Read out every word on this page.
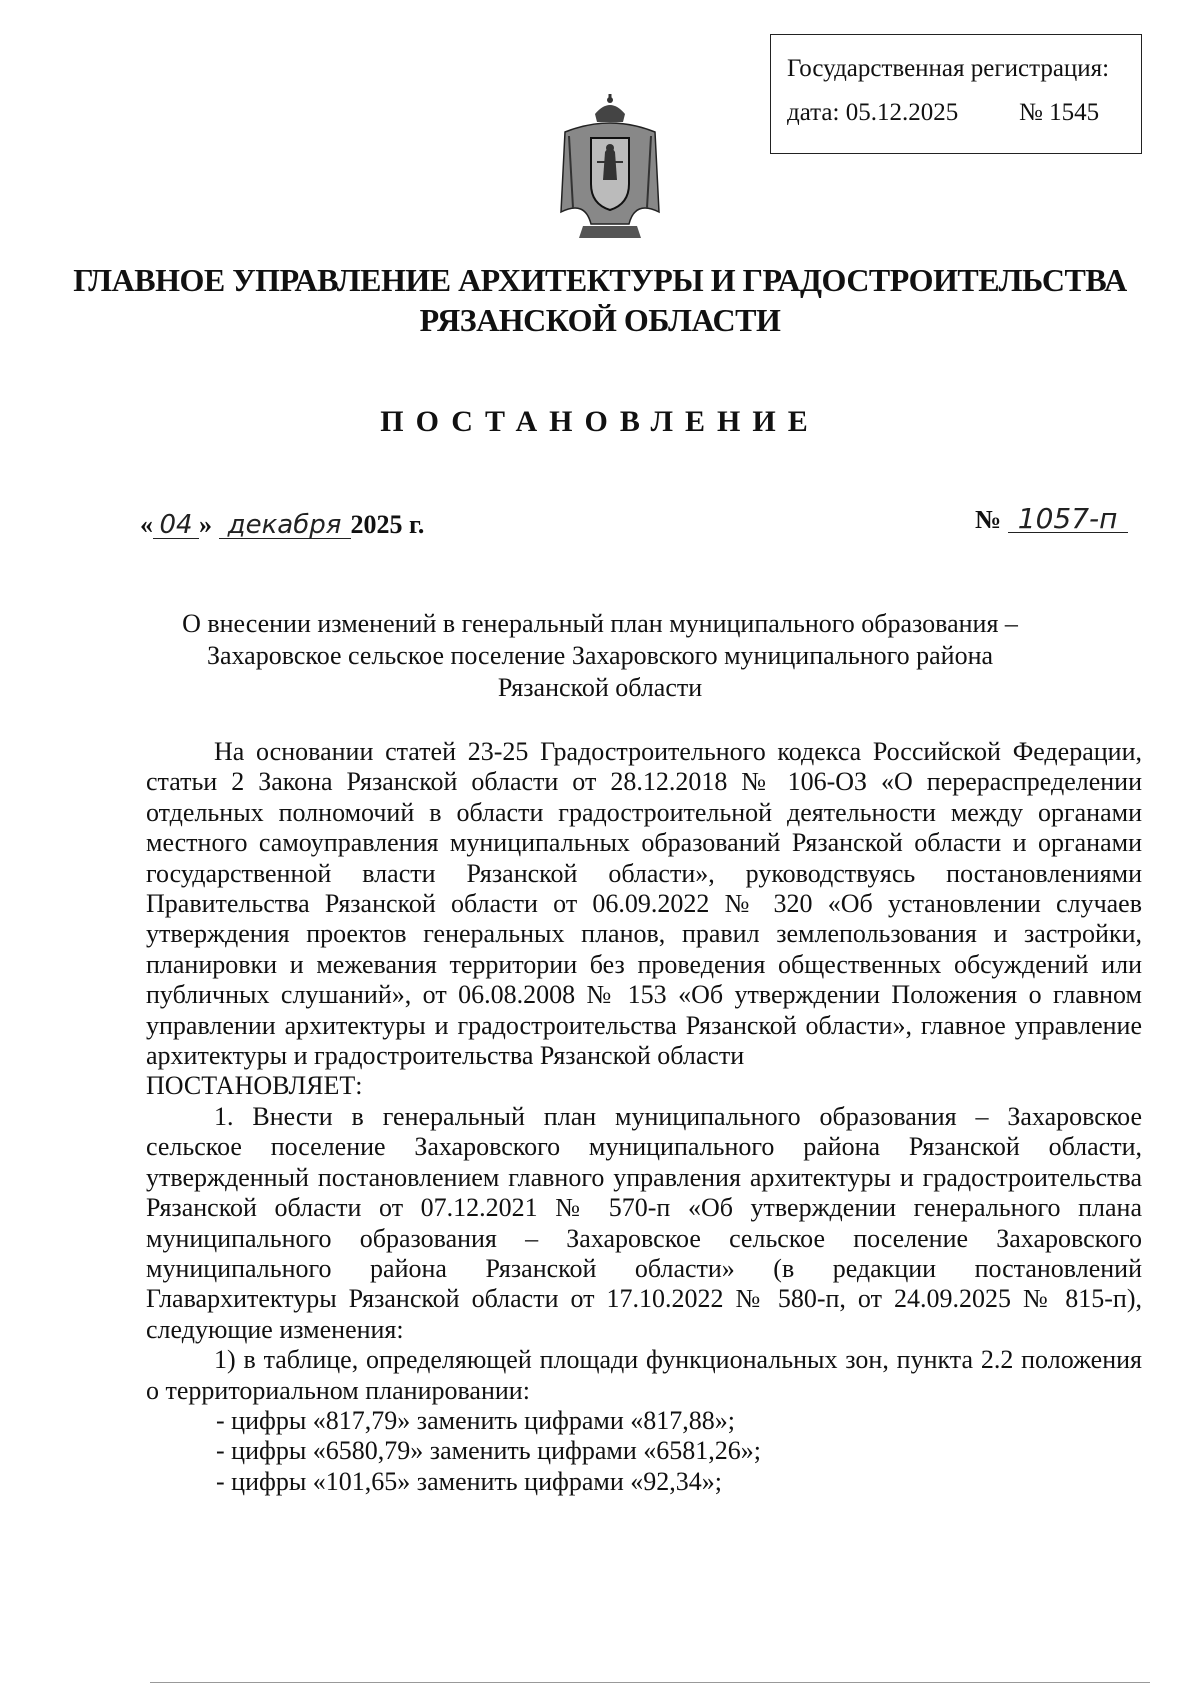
Государственная регистрация:
дата: 05.12.2025 № 1545
ГЛАВНОЕ УПРАВЛЕНИЕ АРХИТЕКТУРЫ И ГРАДОСТРОИТЕЛЬСТВА
РЯЗАНСКОЙ ОБЛАСТИ
ПОСТАНОВЛЕНИЕ
« 04 » декабря 2025 г.	№ 1057-п
О внесении изменений в генеральный план муниципального образования –
Захаровское сельское поселение Захаровского муниципального района
Рязанской области

На основании статей 23-25 Градостроительного кодекса Российской Федерации, статьи 2 Закона Рязанской области от 28.12.2018 № 106-ОЗ «О перераспределении отдельных полномочий в области градостроительной деятельности между органами местного самоуправления муниципальных образований Рязанской области и органами государственной власти Рязанской области», руководствуясь постановлениями Правительства Рязанской области от 06.09.2022 № 320 «Об установлении случаев утверждения проектов генеральных планов, правил землепользования и застройки, планировки и межевания территории без проведения общественных обсуждений или публичных слушаний», от 06.08.2008 № 153 «Об утверждении Положения о главном управлении архитектуры и градостроительства Рязанской области», главное управление архитектуры и градостроительства Рязанской области

ПОСТАНОВЛЯЕТ:

1. Внести в генеральный план муниципального образования – Захаровское сельское поселение Захаровского муниципального района Рязанской области, утвержденный постановлением главного управления архитектуры и градостроительства Рязанской области от 07.12.2021 № 570-п «Об утверждении генерального плана муниципального образования – Захаровское сельское поселение Захаровского муниципального района Рязанской области» (в редакции постановлений Главархитектуры Рязанской области от 17.10.2022 № 580-п, от 24.09.2025 № 815-п), следующие изменения:

1) в таблице, определяющей площади функциональных зон, пункта 2.2 положения о территориальном планировании:

- цифры «817,79» заменить цифрами «817,88»;

- цифры «6580,79» заменить цифрами «6581,26»;

- цифры «101,65» заменить цифрами «92,34»;
